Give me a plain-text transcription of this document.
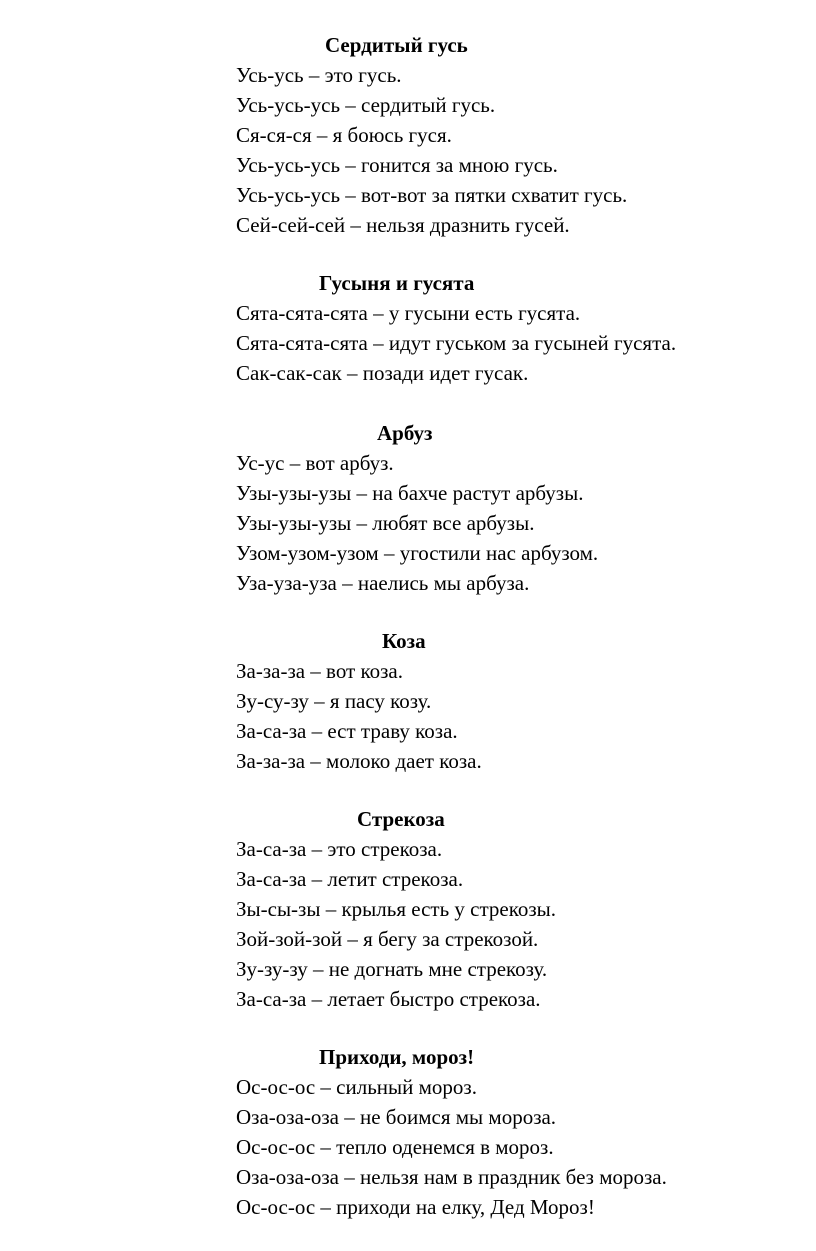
Сердитый гусь
Усь-усь – это гусь.
Усь-усь-усь – сердитый гусь.
Ся-ся-ся – я боюсь гуся.
Усь-усь-усь – гонится за мною гусь.
Усь-усь-усь – вот-вот за пятки схватит гусь.
Сей-сей-сей – нельзя дразнить гусей.
Гусыня и гусята
Сята-сята-сята – у гусыни есть гусята.
Сята-сята-сята – идут гуськом за гусыней гусята.
Сак-сак-сак – позади идет гусак.
Арбуз
Ус-ус – вот арбуз.
Узы-узы-узы – на бахче растут арбузы.
Узы-узы-узы – любят все арбузы.
Узом-узом-узом – угостили нас арбузом.
Уза-уза-уза – наелись мы арбуза.
Коза
За-за-за – вот коза.
Зу-су-зу – я пасу козу.
За-са-за – ест траву коза.
За-за-за – молоко дает коза.
Стрекоза
За-са-за – это стрекоза.
За-са-за – летит стрекоза.
Зы-сы-зы – крылья есть у стрекозы.
Зой-зой-зой – я бегу за стрекозой.
Зу-зу-зу – не догнать мне стрекозу.
За-са-за – летает быстро стрекоза.
Приходи, мороз!
Ос-ос-ос – сильный мороз.
Оза-оза-оза – не боимся мы мороза.
Ос-ос-ос – тепло оденемся в мороз.
Оза-оза-оза – нельзя нам в праздник без мороза.
Ос-ос-ос – приходи на елку, Дед Мороз!
